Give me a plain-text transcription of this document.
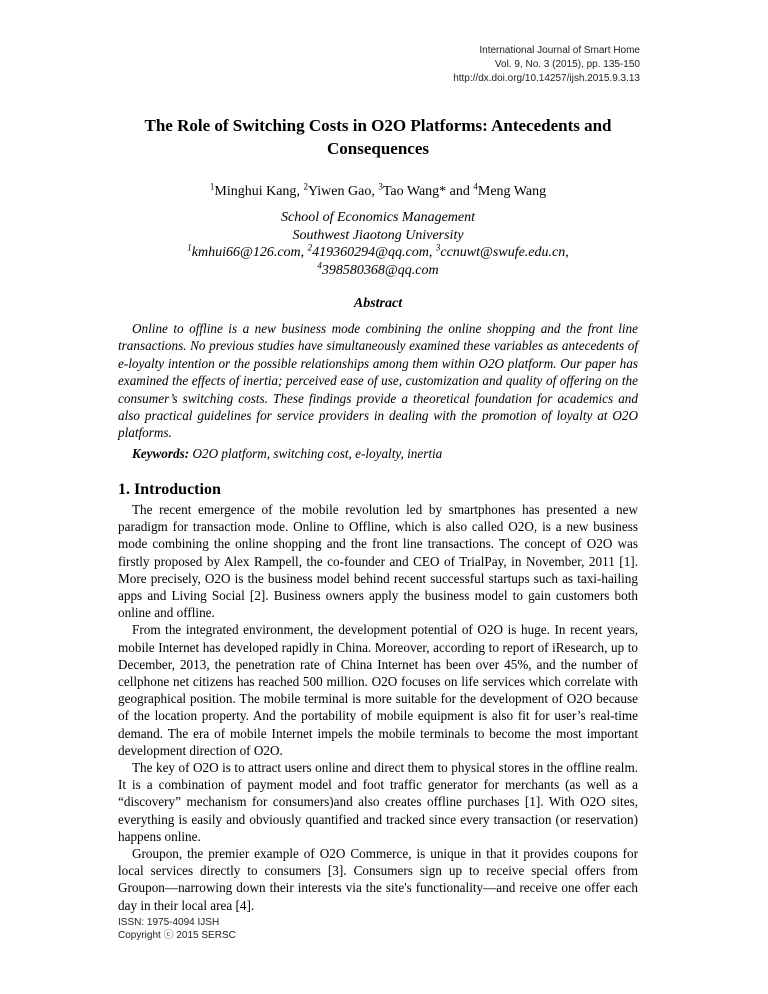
International Journal of Smart Home
Vol. 9, No. 3 (2015), pp. 135-150
http://dx.doi.org/10.14257/ijsh.2015.9.3.13
The Role of Switching Costs in O2O Platforms: Antecedents and Consequences
$^1$Minghui Kang, $^2$Yiwen Gao, $^3$Tao Wang* and $^4$Meng Wang
School of Economics Management
Southwest Jiaotong University
$^1$kmhui66@126.com, $^2$419360294@qq.com, $^3$ccnuwt@swufe.edu.cn,
$^4$398580368@qq.com
Abstract
Online to offline is a new business mode combining the online shopping and the front line transactions. No previous studies have simultaneously examined these variables as antecedents of e-loyalty intention or the possible relationships among them within O2O platform. Our paper has examined the effects of inertia; perceived ease of use, customization and quality of offering on the consumer’s switching costs. These findings provide a theoretical foundation for academics and also practical guidelines for service providers in dealing with the promotion of loyalty at O2O platforms.
Keywords: O2O platform, switching cost, e-loyalty, inertia
1. Introduction

The recent emergence of the mobile revolution led by smartphones has presented a new paradigm for transaction mode. Online to Offline, which is also called O2O, is a new business mode combining the online shopping and the front line transactions. The concept of O2O was firstly proposed by Alex Rampell, the co-founder and CEO of TrialPay, in November, 2011 [1]. More precisely, O2O is the business model behind recent successful startups such as taxi-hailing apps and Living Social [2]. Business owners apply the business model to gain customers both online and offline.

From the integrated environment, the development potential of O2O is huge. In recent years, mobile Internet has developed rapidly in China. Moreover, according to report of iResearch, up to December, 2013, the penetration rate of China Internet has been over 45%, and the number of cellphone net citizens has reached 500 million. O2O focuses on life services which correlate with geographical position. The mobile terminal is more suitable for the development of O2O because of the location property. And the portability of mobile equipment is also fit for user’s real-time demand. The era of mobile Internet impels the mobile terminals to become the most important development direction of O2O.

The key of O2O is to attract users online and direct them to physical stores in the offline realm. It is a combination of payment model and foot traffic generator for merchants (as well as a “discovery” mechanism for consumers)and also creates offline purchases [1]. With O2O sites, everything is easily and obviously quantified and tracked since every transaction (or reservation) happens online.

Groupon, the premier example of O2O Commerce, is unique in that it provides coupons for local services directly to consumers [3]. Consumers sign up to receive special offers from Groupon—narrowing down their interests via the site's functionality—and receive one offer each day in their local area [4].

ISSN: 1975-4094 IJSH
Copyright ⓒ 2015 SERSC
